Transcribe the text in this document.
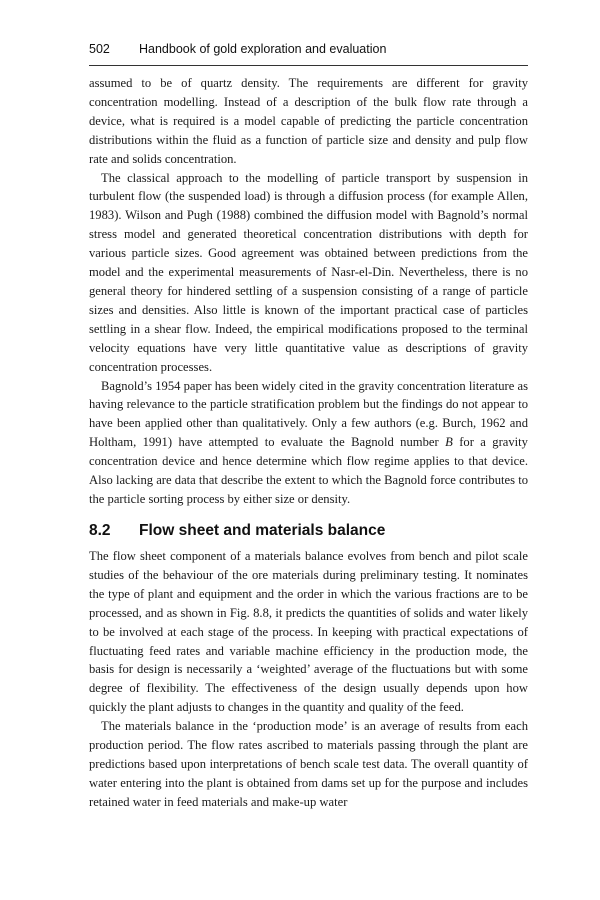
502 Handbook of gold exploration and evaluation

assumed to be of quartz density. The requirements are different for gravity concentration modelling. Instead of a description of the bulk flow rate through a device, what is required is a model capable of predicting the particle concentration distributions within the fluid as a function of particle size and density and pulp flow rate and solids concentration.

The classical approach to the modelling of particle transport by suspension in turbulent flow (the suspended load) is through a diffusion process (for example Allen, 1983). Wilson and Pugh (1988) combined the diffusion model with Bagnold’s normal stress model and generated theoretical concentration distributions with depth for various particle sizes. Good agreement was obtained between predictions from the model and the experimental measurements of Nasr-el-Din. Nevertheless, there is no general theory for hindered settling of a suspension consisting of a range of particle sizes and densities. Also little is known of the important practical case of particles settling in a shear flow. Indeed, the empirical modifications proposed to the terminal velocity equations have very little quantitative value as descriptions of gravity concentration processes.

Bagnold’s 1954 paper has been widely cited in the gravity concentration literature as having relevance to the particle stratification problem but the findings do not appear to have been applied other than qualitatively. Only a few authors (e.g. Burch, 1962 and Holtham, 1991) have attempted to evaluate the Bagnold number B for a gravity concentration device and hence determine which flow regime applies to that device. Also lacking are data that describe the extent to which the Bagnold force contributes to the particle sorting process by either size or density.

8.2 Flow sheet and materials balance

The flow sheet component of a materials balance evolves from bench and pilot scale studies of the behaviour of the ore materials during preliminary testing. It nominates the type of plant and equipment and the order in which the various fractions are to be processed, and as shown in Fig. 8.8, it predicts the quantities of solids and water likely to be involved at each stage of the process. In keeping with practical expectations of fluctuating feed rates and variable machine efficiency in the production mode, the basis for design is necessarily a ‘weighted’ average of the fluctuations but with some degree of flexibility. The effectiveness of the design usually depends upon how quickly the plant adjusts to changes in the quantity and quality of the feed.

The materials balance in the ‘production mode’ is an average of results from each production period. The flow rates ascribed to materials passing through the plant are predictions based upon interpretations of bench scale test data. The overall quantity of water entering into the plant is obtained from dams set up for the purpose and includes retained water in feed materials and make-up water
